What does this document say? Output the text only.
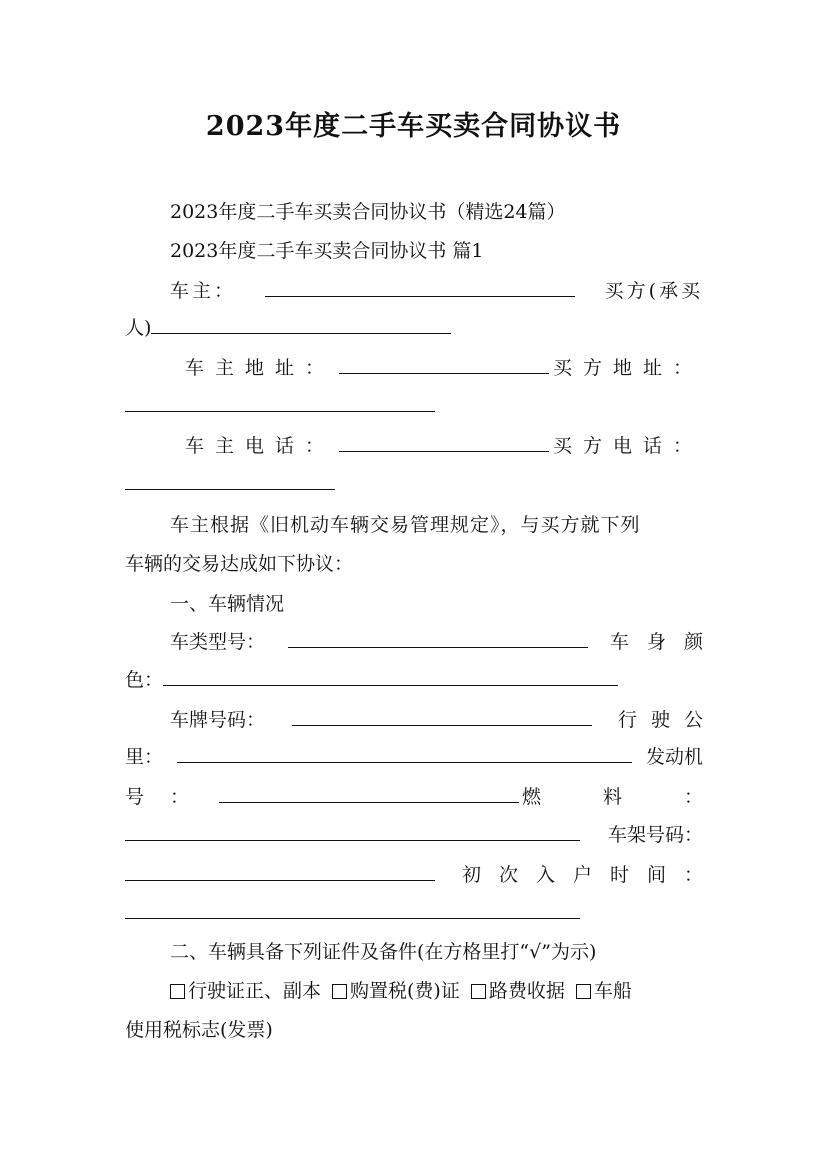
2023年度二手车买卖合同协议书
2023年度二手车买卖合同协议书（精选24篇）
2023年度二手车买卖合同协议书 篇1
车主：	买方(承买
人)
车主地址：	买方地址：
车主电话：	买方电话：
车主根据《旧机动车辆交易管理规定》，与买方就下列
车辆的交易达成如下协议：
一、车辆情况
车类型号：	车身颜
色：
车牌号码：	行驶公
里：	发动机
号：	燃料：
车架号码：
初次入户时间：
二、车辆具备下列证件及备件(在方格里打“√”为示)
行驶证正、副本 购置税(费)证 路费收据 车船
使用税标志(发票)
